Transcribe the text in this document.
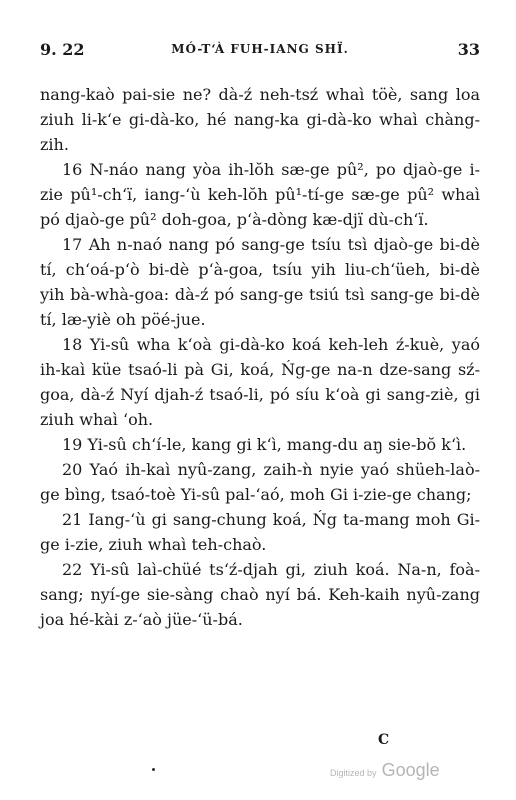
9. 22	MÓ-T‘À FUH-IANG SHÏ.	33

nang-kaò pai-sie ne? dà-ź neh-tsź whaì töè, sang loa ziuh li-k‘e gi-dà-ko, hé nang-ka gi-dà-ko whaì chàng-zih.

16 N-náo nang yòa ih-lŏh sæ-ge pû², po djaò-ge i-zie pû¹-ch‘ï, iang-‘ù keh-lŏh pû¹-tí-ge sæ-ge pû² whaì pó djaò-ge pû² doh-goa, p‘à-dòng kæ-djï dù-ch‘ï.

17 Ah n-naó nang pó sang-ge tsíu tsì djaò-ge bi-dè tí, ch‘oá-p‘ò bi-dè p‘à-goa, tsíu yih liu-ch‘üeh, bi-dè yih bà-whà-goa: dà-ź pó sang-ge tsiú tsì sang-ge bi-dè tí, læ-yiè oh pöé-jue.

18 Yi-sû wha k‘oà gi-dà-ko koá keh-leh ź-kuè, yaó ih-kaì küe tsaó-li pà Gi, koá, Ńg-ge na-n dze-sang sź-goa, dà-ź Nyí djah-ź tsaó-li, pó síu k‘oà gi sang-ziè, gi ziuh whaì ‘oh.

19 Yi-sû ch‘í-le, kang gi k‘ì, mang-du aŋ sie-bŏ k‘ì.

20 Yaó ih-kaì nyû-zang, zaih-ǹ nyie yaó shüeh-laò-ge bìng, tsaó-toè Yi-sû pal-‘aó, moh Gi i-zie-ge chang;

21 Iang-‘ù gi sang-chung koá, Ńg ta-mang moh Gi-ge i-zie, ziuh whaì teh-chaò.

22 Yi-sû laì-chüé ts‘ź-djah gi, ziuh koá. Na-n, foà-sang; nyí-ge sie-sàng chaò nyí bá. Keh-kaih nyû-zang joa hé-kài z-‘aò jüe-‘ü-bá.

C
Digitized by Google
